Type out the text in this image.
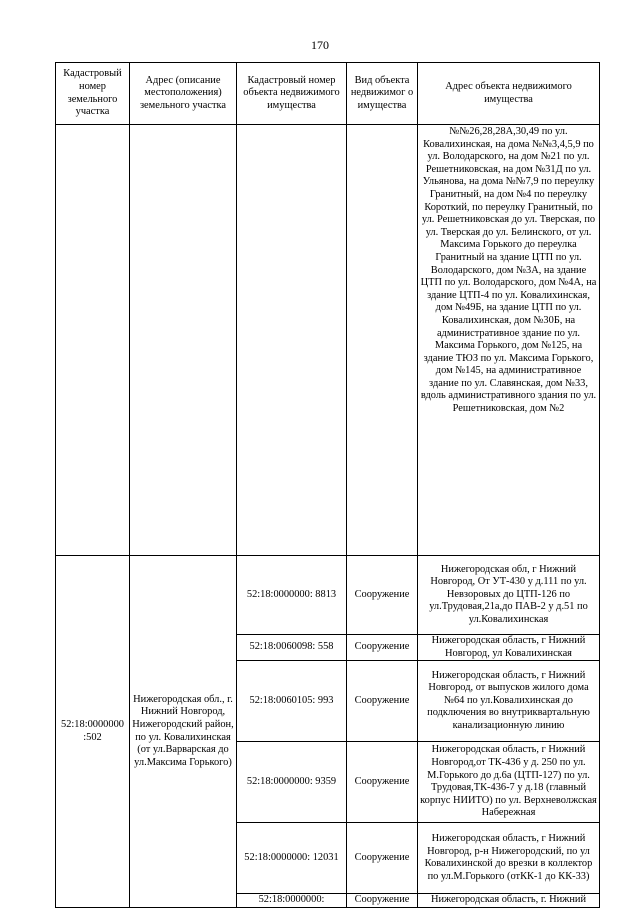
170
Кадастровый номер земельного участка	Адрес (описание местоположения) земельного участка	Кадастровый номер объекта недвижимого имущества	Вид объекта недвижимог о имущества	Адрес объекта недвижимого имущества
				№№26,28,28А,30,49 по ул. Ковалихинская, на дома №№3,4,5,9 по ул. Володарского, на дом №21 по ул. Решетниковская, на дом №31Д по ул. Ульянова, на дома №№7,9 по переулку Гранитный, на дом №4 по переулку Короткий, по переулку Гранитный, по ул. Решетниковская до ул. Тверская, по ул. Тверская до ул. Белинского, от ул. Максима Горького до переулка Гранитный на здание ЦТП по ул. Володарского, дом №3А, на здание ЦТП по ул. Володарского, дом №4А, на здание ЦТП-4 по ул. Ковалихинская, дом №49Б, на здание ЦТП по ул. Ковалихинская, дом №30Б, на административное здание по ул. Максима Горького, дом №125, на здание ТЮЗ по ул. Максима Горького, дом №145, на административное здание по ул. Славянская, дом №33, вдоль административного здания по ул. Решетниковская, дом №2
52:18:0000000 :502	Нижегородская обл., г. Нижний Новгород, Нижегородский район, по ул. Ковалихинская (от ул.Варварская до ул.Максима Горького)	52:18:0000000: 8813	Сооружение	Нижегородская обл, г Нижний Новгород, От УТ-430 у д.111 по ул. Невзоровых до ЦТП-126 по ул.Трудовая,21а,до ПАВ-2 у д.51 по ул.Ковалихинская
		52:18:0060098: 558	Сооружение	Нижегородская область, г Нижний Новгород, ул Ковалихинская
		52:18:0060105: 993	Сооружение	Нижегородская область, г Нижний Новгород, от выпусков жилого дома №64 по ул.Ковалихинская до подключения во внутриквартальную канализационную линию
		52:18:0000000: 9359	Сооружение	Нижегородская область, г Нижний Новгород,от ТК-436 у д. 250 по ул. М.Горького до д.6а (ЦТП-127) по ул. Трудовая,ТК-436-7 у д.18 (главный корпус НИИТО) по ул. Верхневолжская Набережная
		52:18:0000000: 12031	Сооружение	Нижегородская область, г Нижний Новгород, р-н Нижегородский, по ул Ковалихинской до врезки в коллектор по ул.М.Горького (отКК-1 до КК-33)
		52:18:0000000:	Сооружение	Нижегородская область, г. Нижний
